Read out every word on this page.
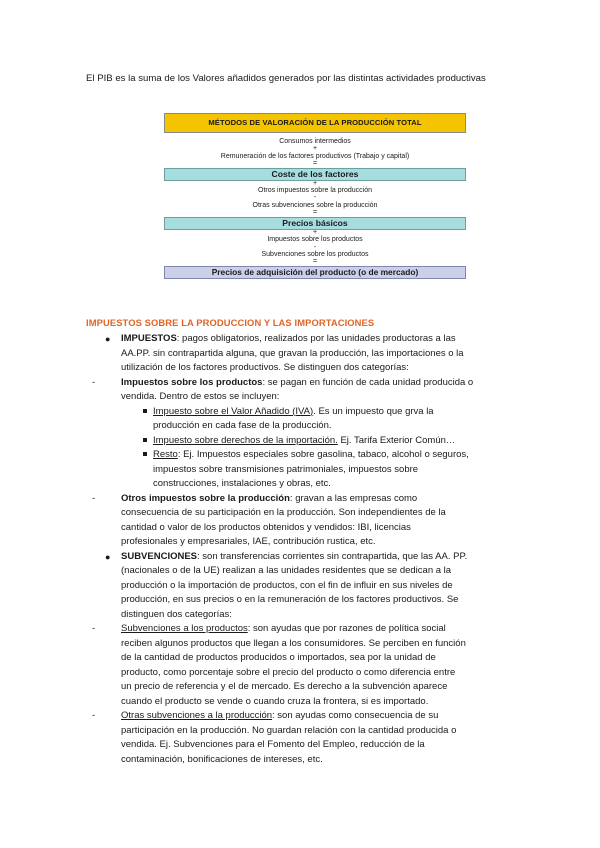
El PIB es la suma de los Valores añadidos generados por las distintas actividades productivas
MÉTODOS DE VALORACIÓN DE LA PRODUCCIÓN TOTAL
Consumos intermedios
+
Remuneración de los factores productivos (Trabajo y capital)
=
Coste de los factores
+
Otros impuestos sobre la producción
-
Otras subvenciones sobre la producción
=
Precios básicos
+
Impuestos sobre los productos
-
Subvenciones sobre los productos
=
Precios de adquisición del producto (o de mercado)
IMPUESTOS SOBRE LA PRODUCCION Y LAS IMPORTACIONES
● IMPUESTOS: pagos obligatorios, realizados por las unidades productoras a las
AA.PP. sin contrapartida alguna, que gravan la producción, las importaciones o la
utilización de los factores productivos. Se distinguen dos categorías:
-	Impuestos sobre los productos: se pagan en función de cada unidad producida o
vendida. Dentro de estos se incluyen:
Impuesto sobre el Valor Añadido (IVA). Es un impuesto que grva la
producción en cada fase de la producción.
Impuesto sobre derechos de la importación. Ej. Tarifa Exterior Común…
Resto: Ej. Impuestos especiales sobre gasolina, tabaco, alcohol o seguros,
impuestos sobre transmisiones patrimoniales, impuestos sobre
construcciones, instalaciones y obras, etc.
-	Otros impuestos sobre la producción: gravan a las empresas como
consecuencia de su participación en la producción. Son independientes de la
cantidad o valor de los productos obtenidos y vendidos: IBI, licencias
profesionales y empresariales, IAE, contribución rustica, etc.
● SUBVENCIONES: son transferencias corrientes sin contrapartida, que las AA. PP.
(nacionales o de la UE) realizan a las unidades residentes que se dedican a la
producción o la importación de productos, con el fin de influir en sus niveles de
producción, en sus precios o en la remuneración de los factores productivos. Se
distinguen dos categorías:
-	Subvenciones a los productos: son ayudas que por razones de política social
reciben algunos productos que llegan a los consumidores. Se perciben en función
de la cantidad de productos producidos o importados, sea por la unidad de
producto, como porcentaje sobre el precio del producto o como diferencia entre
un precio de referencia y el de mercado. Es derecho a la subvención aparece
cuando el producto se vende o cuando cruza la frontera, si es importado.
-	Otras subvenciones a la producción: son ayudas como consecuencia de su
participación en la producción. No guardan relación con la cantidad producida o
vendida. Ej. Subvenciones para el Fomento del Empleo, reducción de la
contaminación, bonificaciones de intereses, etc.
